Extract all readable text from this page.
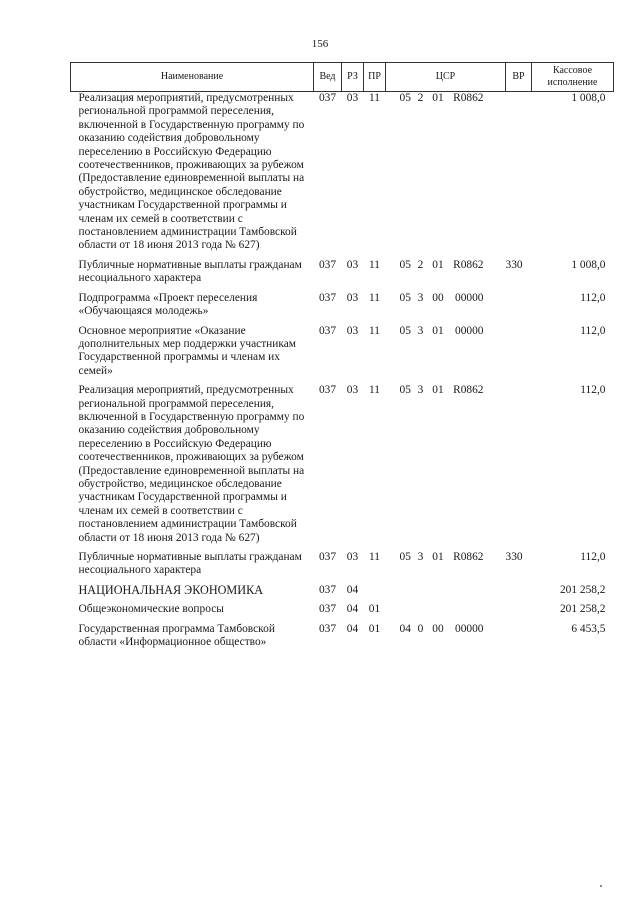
156
Наименование	Вед	РЗ	ПР	ЦСР	ВР	Кассовое исполнение
Реализация мероприятий, предусмотренных региональной программой переселения, включенной в Государственную программу по оказанию содействия добровольному переселению в Российскую Федерацию соотечественников, проживающих за рубежом (Предоставление единовременной выплаты на обустройство, медицинское обследование участникам Государственной программы и членам их семей в соответствии с постановлением администрации Тамбовской области от 18 июня 2013 года № 627)	037	03	11	05 2 01 R0862		1 008,0
Публичные нормативные выплаты гражданам несоциального характера	037	03	11	05 2 01 R0862	330	1 008,0
Подпрограмма «Проект переселения «Обучающаяся молодежь»	037	03	11	05 3 00 00000		112,0
Основное мероприятие «Оказание дополнительных мер поддержки участникам Государственной программы и членам их семей»	037	03	11	05 3 01 00000		112,0
Реализация мероприятий, предусмотренных региональной программой переселения, включенной в Государственную программу по оказанию содействия добровольному переселению в Российскую Федерацию соотечественников, проживающих за рубежом (Предоставление единовременной выплаты на обустройство, медицинское обследование участникам Государственной программы и членам их семей в соответствии с постановлением администрации Тамбовской области от 18 июня 2013 года № 627)	037	03	11	05 3 01 R0862		112,0
Публичные нормативные выплаты гражданам несоциального характера	037	03	11	05 3 01 R0862	330	112,0
НАЦИОНАЛЬНАЯ ЭКОНОМИКА	037	04				201 258,2
Общеэкономические вопросы	037	04	01			201 258,2
Государственная программа Тамбовской области «Информационное общество»	037	04	01	04 0 00 00000		6 453,5
